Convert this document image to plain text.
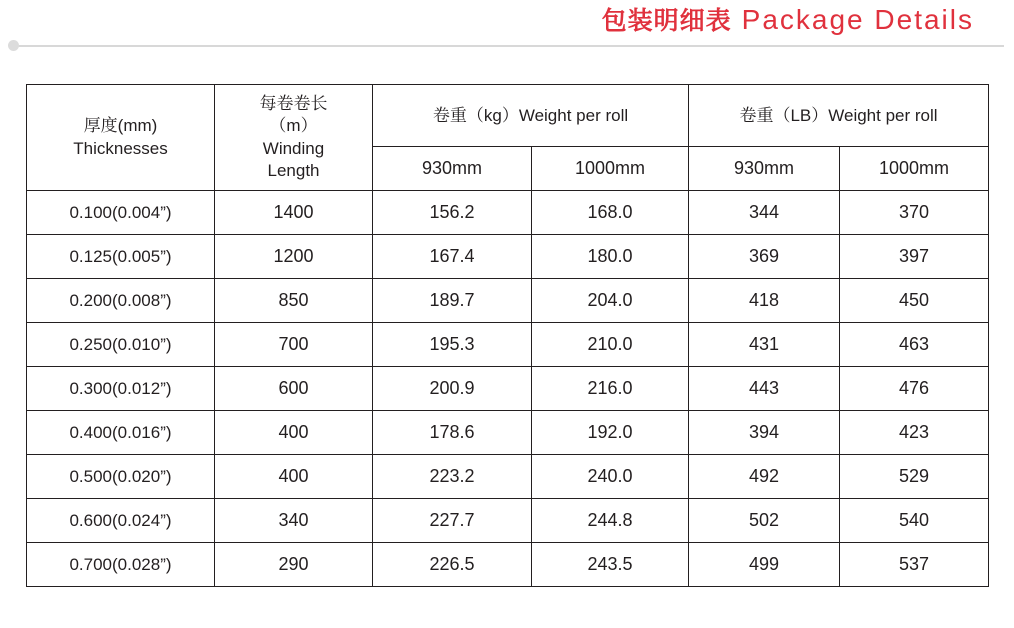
包装明细表 Package Details
厚度(mm)
Thicknesses

每卷卷长
（m）
Winding
Length
	卷重（kg）Weight per roll	卷重（LB）Weight per roll
		930mm	1000mm	930mm	1000mm
0.100(0.004”)	1400	156.2	168.0	344	370
0.125(0.005”)	1200	167.4	180.0	369	397
0.200(0.008”)	850	189.7	204.0	418	450
0.250(0.010”)	700	195.3	210.0	431	463
0.300(0.012”)	600	200.9	216.0	443	476
0.400(0.016”)	400	178.6	192.0	394	423
0.500(0.020”)	400	223.2	240.0	492	529
0.600(0.024”)	340	227.7	244.8	502	540
0.700(0.028”)	290	226.5	243.5	499	537
